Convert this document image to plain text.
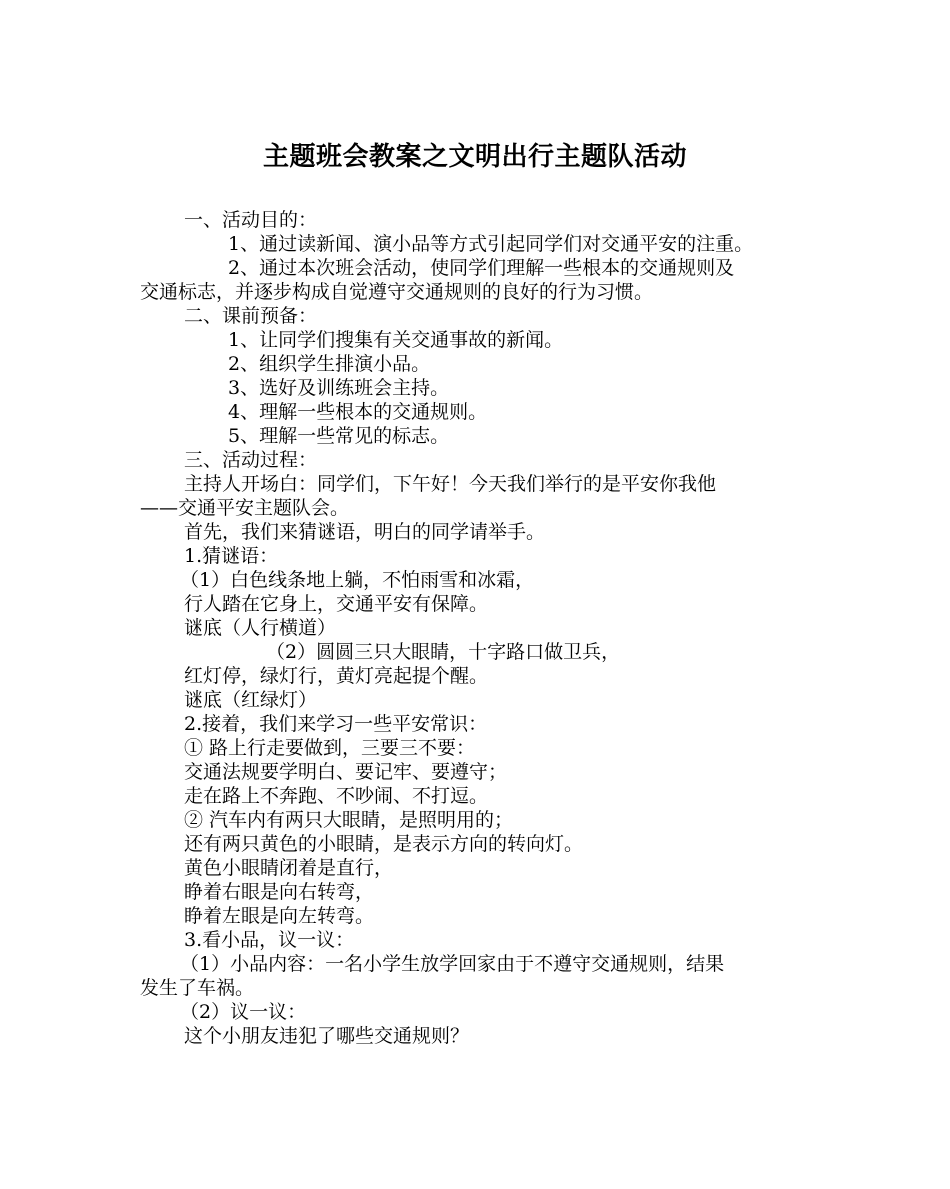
主题班会教案之文明出行主题队活动
一、活动目的：
1、通过读新闻、演小品等方式引起同学们对交通平安的注重。
2、通过本次班会活动，使同学们理解一些根本的交通规则及
交通标志，并逐步构成自觉遵守交通规则的良好的行为习惯。
二、课前预备：
1、让同学们搜集有关交通事故的新闻。
2、组织学生排演小品。
3、选好及训练班会主持。
4、理解一些根本的交通规则。
5、理解一些常见的标志。
三、活动过程：
主持人开场白：同学们，下午好！今天我们举行的是平安你我他
——交通平安主题队会。
首先，我们来猜谜语，明白的同学请举手。
1.猜谜语：
（1）白色线条地上躺，不怕雨雪和冰霜，
行人踏在它身上，交通平安有保障。
谜底（人行横道）
（2）圆圆三只大眼睛，十字路口做卫兵，
红灯停，绿灯行，黄灯亮起提个醒。
谜底（红绿灯）
2.接着，我们来学习一些平安常识：
① 路上行走要做到，三要三不要：
交通法规要学明白、要记牢、要遵守；
走在路上不奔跑、不吵闹、不打逗。
② 汽车内有两只大眼睛，是照明用的；
还有两只黄色的小眼睛，是表示方向的转向灯。
黄色小眼睛闭着是直行，
睁着右眼是向右转弯，
睁着左眼是向左转弯。
3.看小品，议一议：
（1）小品内容：一名小学生放学回家由于不遵守交通规则，结果
发生了车祸。
（2）议一议：
这个小朋友违犯了哪些交通规则？
